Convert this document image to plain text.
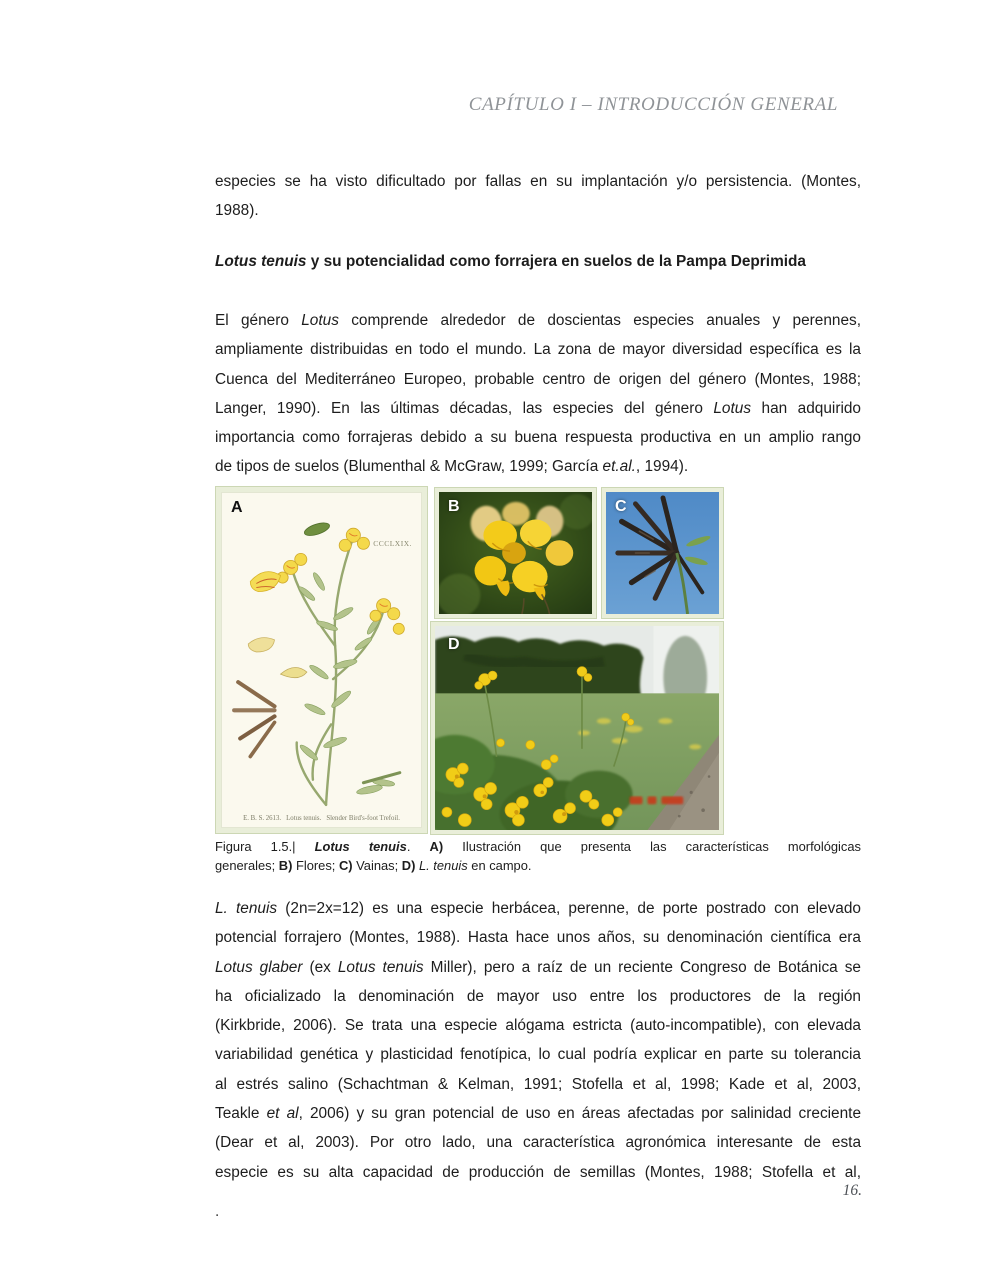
CAPÍTULO I – INTRODUCCIÓN GENERAL
especies se ha visto dificultado por fallas en su implantación y/o persistencia. (Montes,
1988).
Lotus tenuis y su potencialidad como forrajera en suelos de la Pampa Deprimida
El género Lotus comprende alrededor de doscientas especies anuales y perennes,
ampliamente distribuidas en todo el mundo. La zona de mayor diversidad específica es la
Cuenca del Mediterráneo Europeo, probable centro de origen del género (Montes, 1988;
Langer, 1990). En las últimas décadas, las especies del género Lotus han adquirido
importancia como forrajeras debido a su buena respuesta productiva en un amplio rango
de tipos de suelos (Blumenthal & McGraw, 1999; García et.al., 1994).
A
CCCLXIX.
E. B. S. 2613.   Lotus tenuis.   Slender Bird's-foot Trefoil.
B	C
D
Figura 1.5.| Lotus tenuis. A) Ilustración que presenta las características morfológicas
generales; B) Flores; C) Vainas; D) L. tenuis en campo.
L. tenuis (2n=2x=12) es una especie herbácea, perenne, de porte postrado con elevado
potencial forrajero (Montes, 1988). Hasta hace unos años, su denominación científica era
Lotus glaber (ex Lotus tenuis Miller), pero a raíz de un reciente Congreso de Botánica se
ha oficializado la denominación de mayor uso entre los productores de la región
(Kirkbride, 2006). Se trata una especie alógama estricta (auto-incompatible), con elevada
variabilidad genética y plasticidad fenotípica, lo cual podría explicar en parte su tolerancia
al estrés salino (Schachtman & Kelman, 1991; Stofella et al, 1998; Kade et al, 2003,
Teakle et al, 2006) y su gran potencial de uso en áreas afectadas por salinidad creciente
(Dear et al, 2003). Por otro lado, una característica agronómica interesante de esta
especie es su alta capacidad de producción de semillas (Montes, 1988; Stofella et al,
16.
.
